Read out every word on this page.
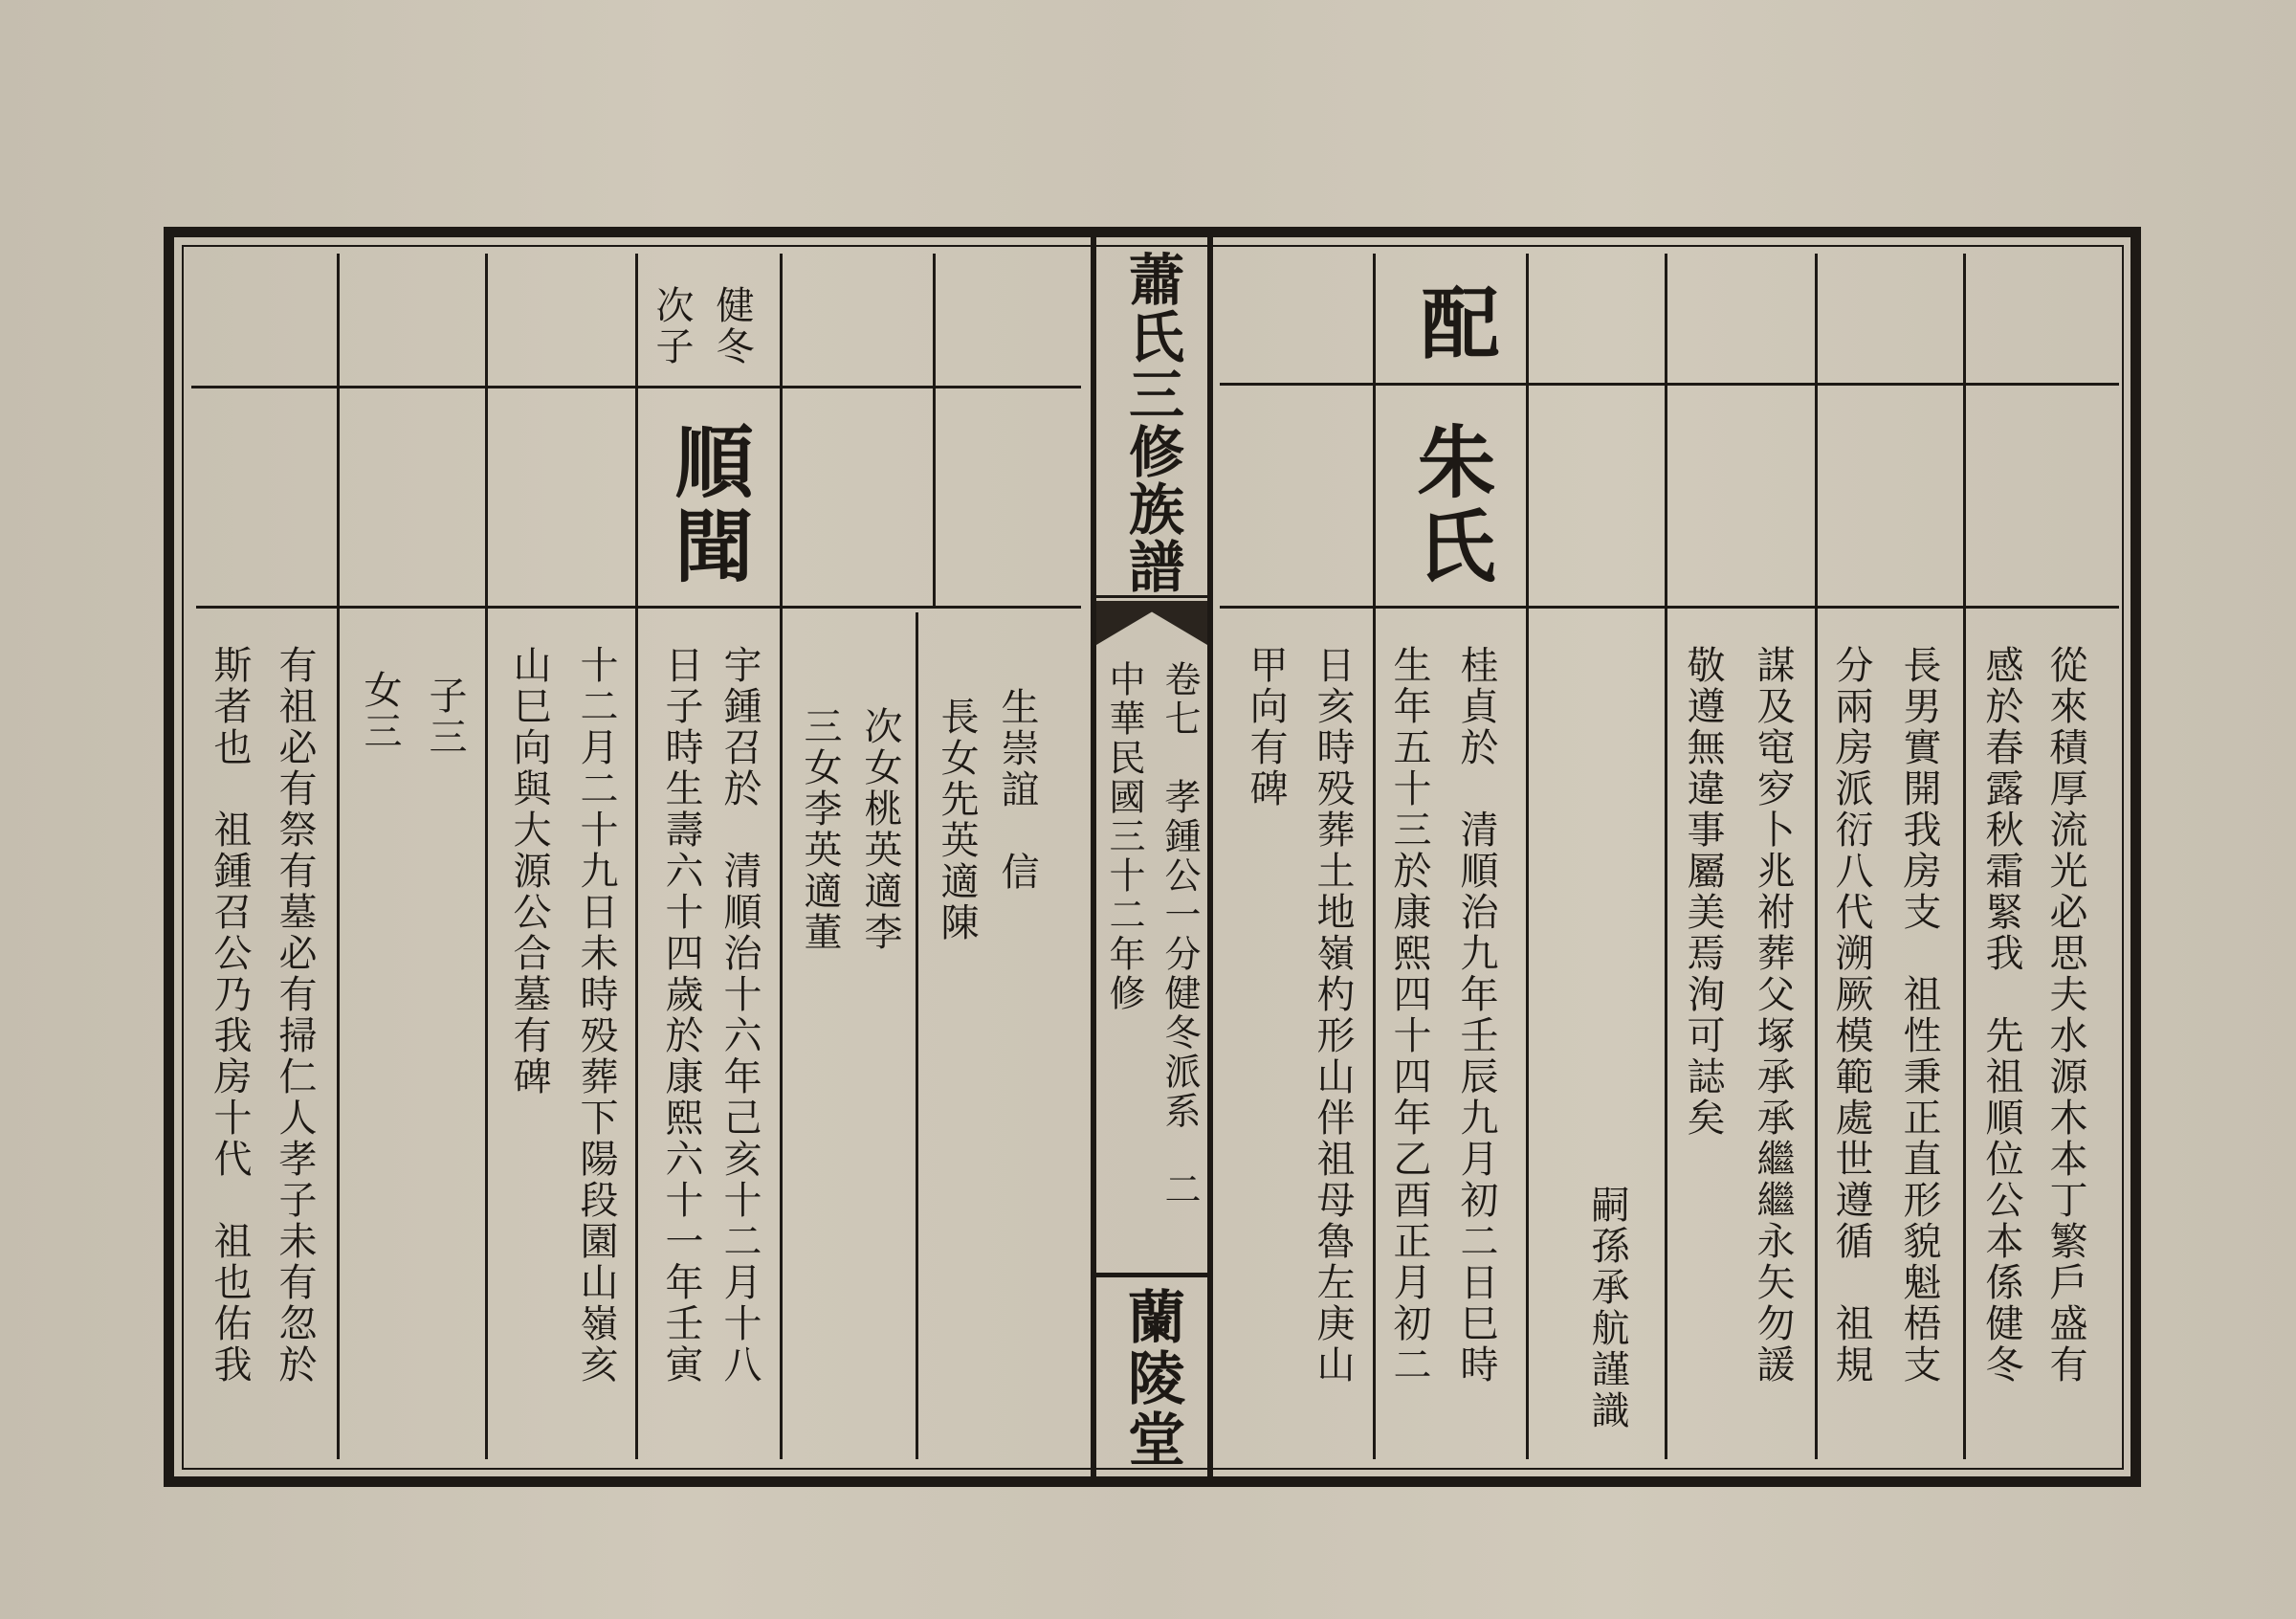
蕭氏三修族譜
卷七　孝鍾公一分健冬派系　二
中華民國三十二年修
蘭陵堂
健冬
次子
順聞
生崇誼　信
長女先英適陳
次女桃英適李
三女李英適董
宇鍾召於　清順治十六年己亥十二月十八
日子時生壽六十四歲於康熙六十一年壬寅
十二月二十九日未時殁葬下陽段園山嶺亥
山巳向與大源公合墓有碑
子三
女三
有祖必有祭有墓必有掃仁人孝子未有忽於
斯者也　祖鍾召公乃我房十代　祖也佑我
配
朱氏
從來積厚流光必思夫水源木本丁繁戶盛有
感於春露秋霜緊我　先祖順位公本係健冬
長男實開我房支　祖性秉正直形貌魁梧支
分兩房派衍八代溯厥模範處世遵循　祖規
謀及窀穸卜兆祔葬父塚承承繼繼永矢勿諼
敬遵無違事屬美焉洵可誌矣
嗣孫承航謹識
桂貞於　清順治九年壬辰九月初二日巳時
生年五十三於康熙四十四年乙酉正月初二
日亥時殁葬土地嶺杓形山伴祖母魯左庚山
甲向有碑
